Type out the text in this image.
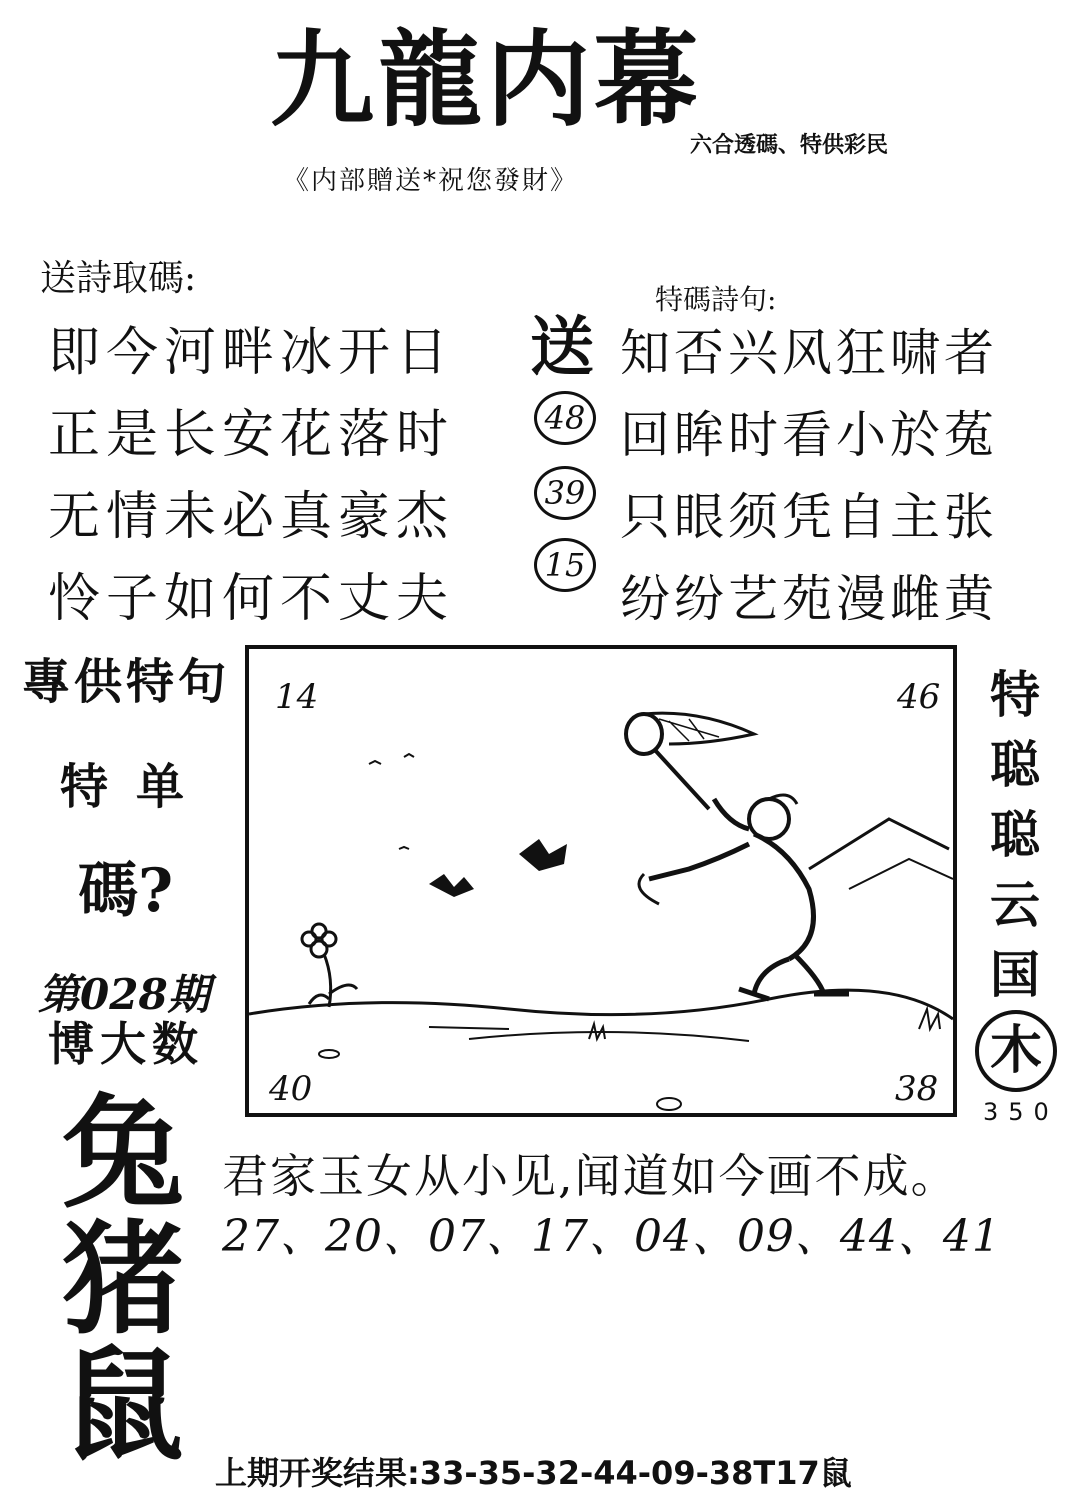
九龍内幕
六合透碼、特供彩民
《内部贈送*祝您發財》
送詩取碼:
即今河畔冰开日
正是长安花落时
无情未必真豪杰
怜子如何不丈夫
特碼詩句:
送
48
39
15
知否兴风狂啸者
回眸时看小於菟
只眼须凭自主张
纷纷艺苑漫雌黄
專供特句
特单
碼?
第028期
博大数
兔
猪
鼠
14	46
40	38
特
聪
聪
云
国
木
350
君家玉女从小见,闻道如今画不成。
27、20、07、17、04、09、44、41
上期开奖结果:33-35-32-44-09-38T17鼠
